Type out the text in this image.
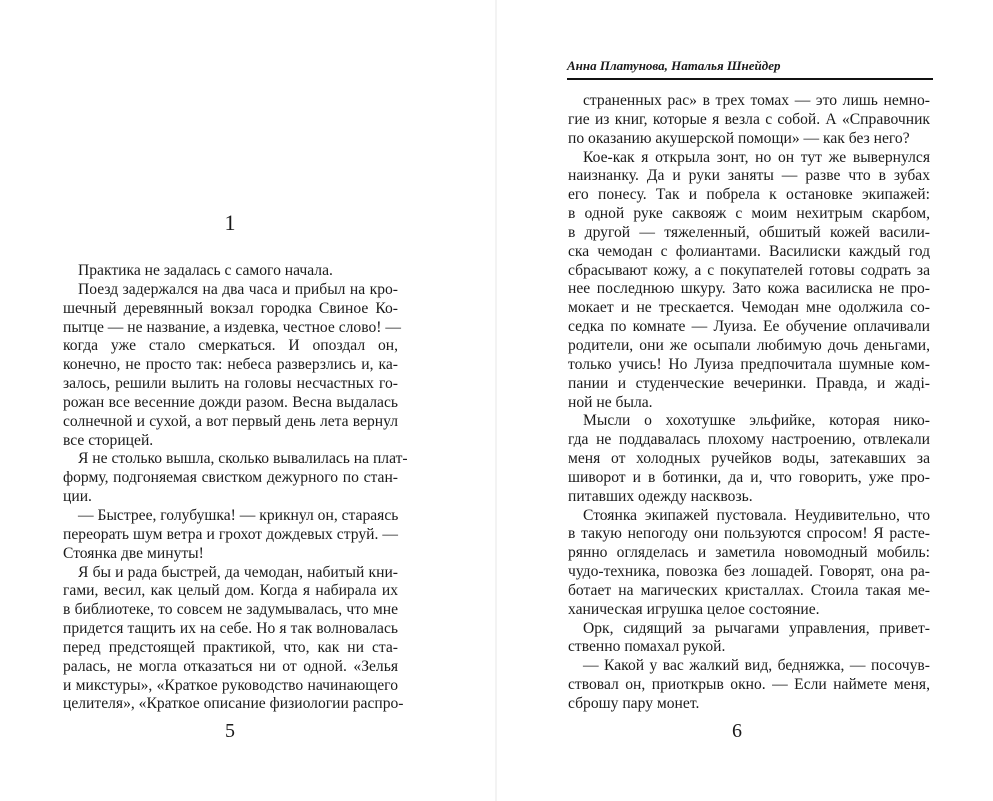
1
Практика не задалась с самого начала.
Поезд задержался на два часа и прибыл на кро-
шечный деревянный вокзал городка Свиное Ко-
пытце — не название, а издевка, честное слово! —
когда уже стало смеркаться. И опоздал он,
конечно, не просто так: небеса разверзлись и, ка-
залось, решили вылить на головы несчастных го-
рожан все весенние дожди разом. Весна выдалась
солнечной и сухой, а вот первый день лета вернул
все сторицей.
Я не столько вышла, сколько вывалилась на плат-
форму, подгоняемая свистком дежурного по стан-
ции.
— Быстрее, голубушка! — крикнул он, стараясь
переорать шум ветра и грохот дождевых струй. —
Стоянка две минуты!
Я бы и рада быстрей, да чемодан, набитый кни-
гами, весил, как целый дом. Когда я набирала их
в библиотеке, то совсем не задумывалась, что мне
придется тащить их на себе. Но я так волновалась
перед предстоящей практикой, что, как ни ста-
ралась, не могла отказаться ни от одной. «Зелья
и микстуры», «Краткое руководство начинающего
целителя», «Краткое описание физиологии распро-
5
Анна Платунова, Наталья Шнейдер
страненных рас» в трех томах — это лишь немно-
гие из книг, которые я везла с собой. А «Справочник
по оказанию акушерской помощи» — как без него?
Кое-как я открыла зонт, но он тут же вывернулся
наизнанку. Да и руки заняты — разве что в зубах
его понесу. Так и побрела к остановке экипажей:
в одной руке саквояж с моим нехитрым скарбом,
в другой — тяжеленный, обшитый кожей васили-
ска чемодан с фолиантами. Василиски каждый год
сбрасывают кожу, а с покупателей готовы содрать за
нее последнюю шкуру. Зато кожа василиска не про-
мокает и не трескается. Чемодан мне одолжила со-
седка по комнате — Луиза. Ее обучение оплачивали
родители, они же осыпали любимую дочь деньгами,
только учись! Но Луиза предпочитала шумные ком-
пании и студенческие вечеринки. Правда, и жадi-
ной не была.
Мысли о хохотушке эльфийке, которая нико-
гда не поддавалась плохому настроению, отвлекали
меня от холодных ручейков воды, затекавших за
шиворот и в ботинки, да и, что говорить, уже про-
питавших одежду насквозь.
Стоянка экипажей пустовала. Неудивительно, что
в такую непогоду они пользуются спросом! Я расте-
рянно огляделась и заметила новомодный мобиль:
чудо-техника, повозка без лошадей. Говорят, она ра-
ботает на магических кристаллах. Стоила такая ме-
ханическая игрушка целое состояние.
Орк, сидящий за рычагами управления, привет-
ственно помахал рукой.
— Какой у вас жалкий вид, бедняжка, — посочув-
ствовал он, приоткрыв окно. — Если наймете меня,
сброшу пару монет.
6
